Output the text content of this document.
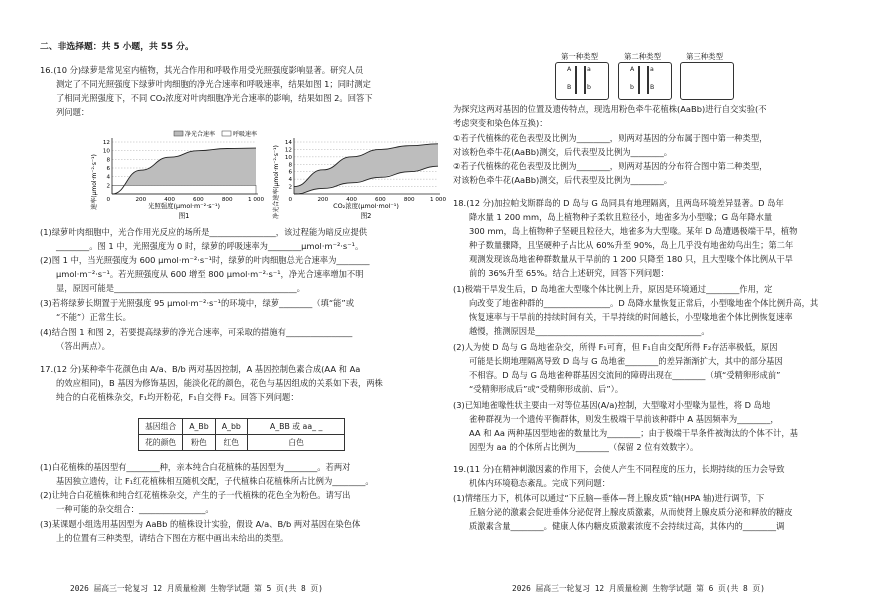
二、非选择题：共 5 小题，共 55 分。
16.(10 分)绿萝是常见室内植物，其光合作用和呼吸作用受光照强度影响显著。研究人员
测定了不同光照强度下绿萝叶肉细胞的净光合速率和呼吸速率，结果如图 1；同时测定
了相同光照强度下，不同 CO₂浓度对叶肉细胞净光合速率的影响，结果如图 2。回答下
列问题：
2
4
6
8
10
12
200	400	600	800	1 000
0
速率(μmol·m⁻²·s⁻¹)	光照强度(μmol·m⁻²·s⁻¹)
图1
净光合速率	呼吸速率
2
4
6
8
10
12
14
200	400	600	800	1 000
0
净光合速率(μmol·m⁻²·s⁻¹)	CO₂浓度(μmol·mol⁻¹)
图2
(1)绿萝叶肉细胞中，光合作用光反应的场所是________________，该过程能为暗反应提供
________。图 1 中，光照强度为 0 时，绿萝的呼吸速率为________μmol·m⁻²·s⁻¹。
(2)图 1 中，当光照强度为 600 μmol·m⁻²·s⁻¹时，绿萝的叶肉细胞总光合速率为________
μmol·m⁻²·s⁻¹。若光照强度从 600 增至 800 μmol·m⁻²·s⁻¹，净光合速率增加不明
显，原因可能是____________________________________________。
(3)若将绿萝长期置于光照强度 95 μmol·m⁻²·s⁻¹的环境中，绿萝________（填“能”或
“不能”）正常生长。
(4)结合图 1 和图 2，若要提高绿萝的净光合速率，可采取的措施有________________
（答出两点）。
17.(12 分)某种牵牛花颜色由 A/a、B/b 两对基因控制，A 基因控制色素合成(AA 和 Aa
的效应相同)，B 基因为修饰基因，能淡化花的颜色，花色与基因组成的关系如下表，两株
纯合的白花植株杂交，F₁均开粉花，F₁自交得 F₂。回答下列问题：
(1)白花植株的基因型有________种，亲本纯合白花植株的基因型为________。若两对
基因独立遗传，让 F₁红花植株相互随机交配，子代植株白花植株所占比例为________。
(2)让纯合白花植株和纯合红花植株杂交，产生的子一代植株的花色全为粉色。请写出
一种可能的杂交组合：________________。
(3)某课题小组选用基因型为 AaBb 的植株设计实验，假设 A/a、B/b 两对基因在染色体
上的位置有三种类型，请结合下图在方框中画出未给出的类型。
基因组合	A_Bb	A_bb	A_BB 或 aa_ _
花的颜色	粉色	红色	白色
2026 届高三一轮复习 12 月质量检测 生物学试题 第 5 页(共 8 页)
第一种类型	第二种类型	第三种类型
A	a
B	b
A	a
b	B
为探究这两对基因的位置及遗传特点，现选用粉色牵牛花植株(AaBb)进行自交实验(不
考虑突变和染色体互换)：
①若子代植株的花色表型及比例为________，则两对基因的分布属于图中第一种类型，
对该粉色牵牛花(AaBb)测交，后代表型及比例为________。
②若子代植株的花色表型及比例为________，则两对基因的分布符合图中第二种类型，
对该粉色牵牛花(AaBb)测交，后代表型及比例为________。
18.(12 分)加拉帕戈斯群岛的 D 岛与 G 岛同具有地理隔离，且两岛环境差异显著。D 岛年
降水量 1 200 mm，岛上植物种子柔软且粒径小，地雀多为小型喙；G 岛年降水量
300 mm，岛上植物种子坚硬且粒径大，地雀多为大型喙。某年 D 岛遭遇极端干旱，植物
种子数量骤降，且坚硬种子占比从 60%升至 90%，岛上几乎没有地雀幼鸟出生；第二年
观测发现该岛地雀种群数量从干旱前的 1 200 只降至 180 只，且大型喙个体比例从干旱
前的 36%升至 65%。结合上述研究，回答下列问题：
(1)极端干旱发生后，D 岛地雀大型喙个体比例上升，原因是环境通过________作用，定
向改变了地雀种群的________________。D 岛降水量恢复正常后，小型喙地雀个体比例升高，其
恢复速率与干旱前的持续时间有关，干旱持续的时间越长，小型喙地雀个体比例恢复速率
越慢，推测原因是________________________________________。
(2)人为使 D 岛与 G 岛地雀杂交，所得 F₁可育，但 F₁自由交配所得 F₂存活率极低，原因
可能是长期地理隔离导致 D 岛与 G 岛地雀________的差异渐渐扩大，其中的部分基因
不相容。D 岛与 G 岛地雀种群基因交流间的障碍出现在________（填“受精卵形成前”
“受精卵形成后”或“受精卵形成前、后”）。
(3)已知地雀喙性状主要由一对等位基因(A/a)控制，大型喙对小型喙为显性，将 D 岛地
雀种群视为一个遗传平衡群体，则发生极端干旱前该种群中 A 基因频率为________，
AA 和 Aa 两种基因型地雀的数量比为________；由于极端干旱条件被淘汰的个体不计，基
因型为 aa 的个体所占比例为________（保留 2 位有效数字）。
19.(11 分)在精神刺激因素的作用下，会使人产生不同程度的压力，长期持续的压力会导致
机体内环境稳态紊乱。完成下列问题：
(1)情绪压力下，机体可以通过“下丘脑—垂体—肾上腺皮质”轴(HPA 轴)进行调节，下
丘脑分泌的激素会促进垂体分泌促肾上腺皮质激素，从而使肾上腺皮质分泌和释放的糖皮
质激素含量________。健康人体内糖皮质激素浓度不会持续过高，其体内的________调
2026 届高三一轮复习 12 月质量检测 生物学试题 第 6 页(共 8 页)
